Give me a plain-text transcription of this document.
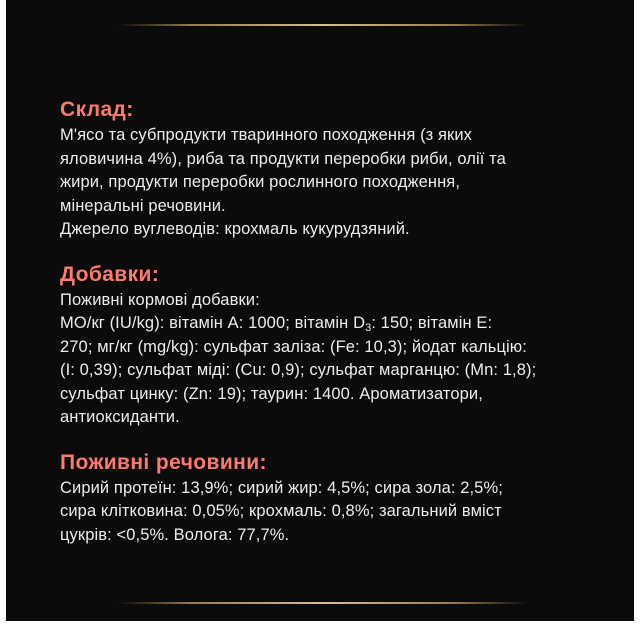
Склад:
М'ясо та субпродукти тваринного походження (з яких
яловичина 4%), риба та продукти переробки риби, олії та
жири, продукти переробки рослинного походження,
мінеральні речовини.
Джерело вуглеводів: крохмаль кукурудзяний.
Добавки:
Поживні кормові добавки:
МО/кг (IU/kg): вітамін A: 1000; вітамін $D_3$: 150; вітамін E:
270; мг/кг (mg/kg): сульфат заліза: (Fe: 10,3); йодат кальцію:
(I: 0,39); сульфат міді: (Cu: 0,9); сульфат марганцю: (Mn: 1,8);
сульфат цинку: (Zn: 19); таурин: 1400. Ароматизатори,
антиоксиданти.
Поживні речовини:
Сирий протеїн: 13,9%; сирий жир: 4,5%; сира зола: 2,5%;
сира клітковина: 0,05%; крохмаль: 0,8%; загальний вміст
цукрів: <0,5%. Волога: 77,7%.
